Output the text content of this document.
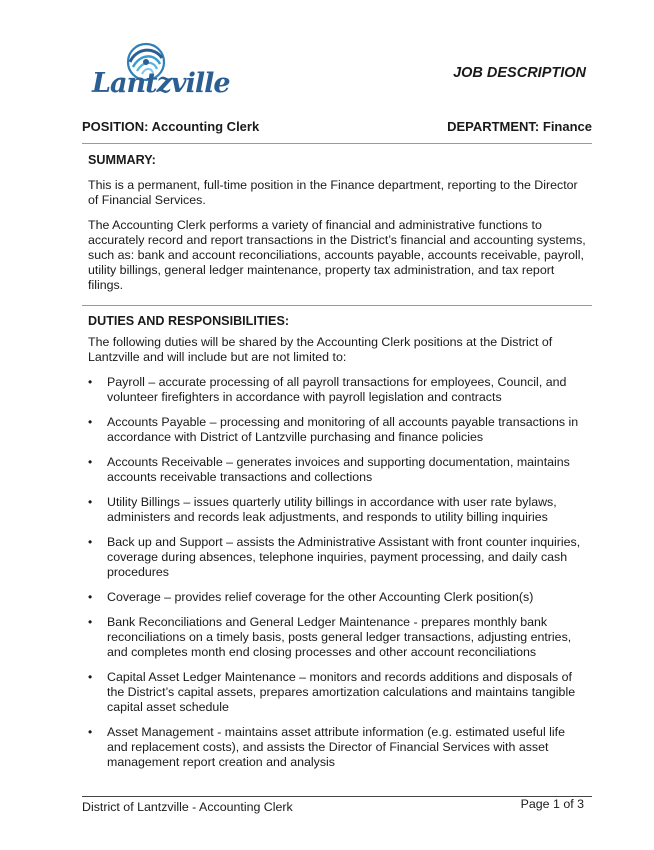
Lantzville	JOB DESCRIPTION
POSITION: Accounting Clerk	DEPARTMENT: Finance

SUMMARY:

This is a permanent, full-time position in the Finance department, reporting to the Director of Financial Services.

The Accounting Clerk performs a variety of financial and administrative functions to accurately record and report transactions in the District’s financial and accounting systems, such as: bank and account reconciliations, accounts payable, accounts receivable, payroll, utility billings, general ledger maintenance, property tax administration, and tax report filings.

DUTIES AND RESPONSIBILITIES:

The following duties will be shared by the Accounting Clerk positions at the District of Lantzville and will include but are not limited to:

• Payroll – accurate processing of all payroll transactions for employees, Council, and volunteer firefighters in accordance with payroll legislation and contracts
• Accounts Payable – processing and monitoring of all accounts payable transactions in accordance with District of Lantzville purchasing and finance policies
• Accounts Receivable – generates invoices and supporting documentation, maintains accounts receivable transactions and collections
• Utility Billings – issues quarterly utility billings in accordance with user rate bylaws, administers and records leak adjustments, and responds to utility billing inquiries
• Back up and Support – assists the Administrative Assistant with front counter inquiries, coverage during absences, telephone inquiries, payment processing, and daily cash procedures
• Coverage – provides relief coverage for the other Accounting Clerk position(s)
• Bank Reconciliations and General Ledger Maintenance - prepares monthly bank reconciliations on a timely basis, posts general ledger transactions, adjusting entries, and completes month end closing processes and other account reconciliations
• Capital Asset Ledger Maintenance – monitors and records additions and disposals of the District’s capital assets, prepares amortization calculations and maintains tangible capital asset schedule
• Asset Management - maintains asset attribute information (e.g. estimated useful life and replacement costs), and assists the Director of Financial Services with asset management report creation and analysis
District of Lantzville - Accounting Clerk	Page 1 of 3
